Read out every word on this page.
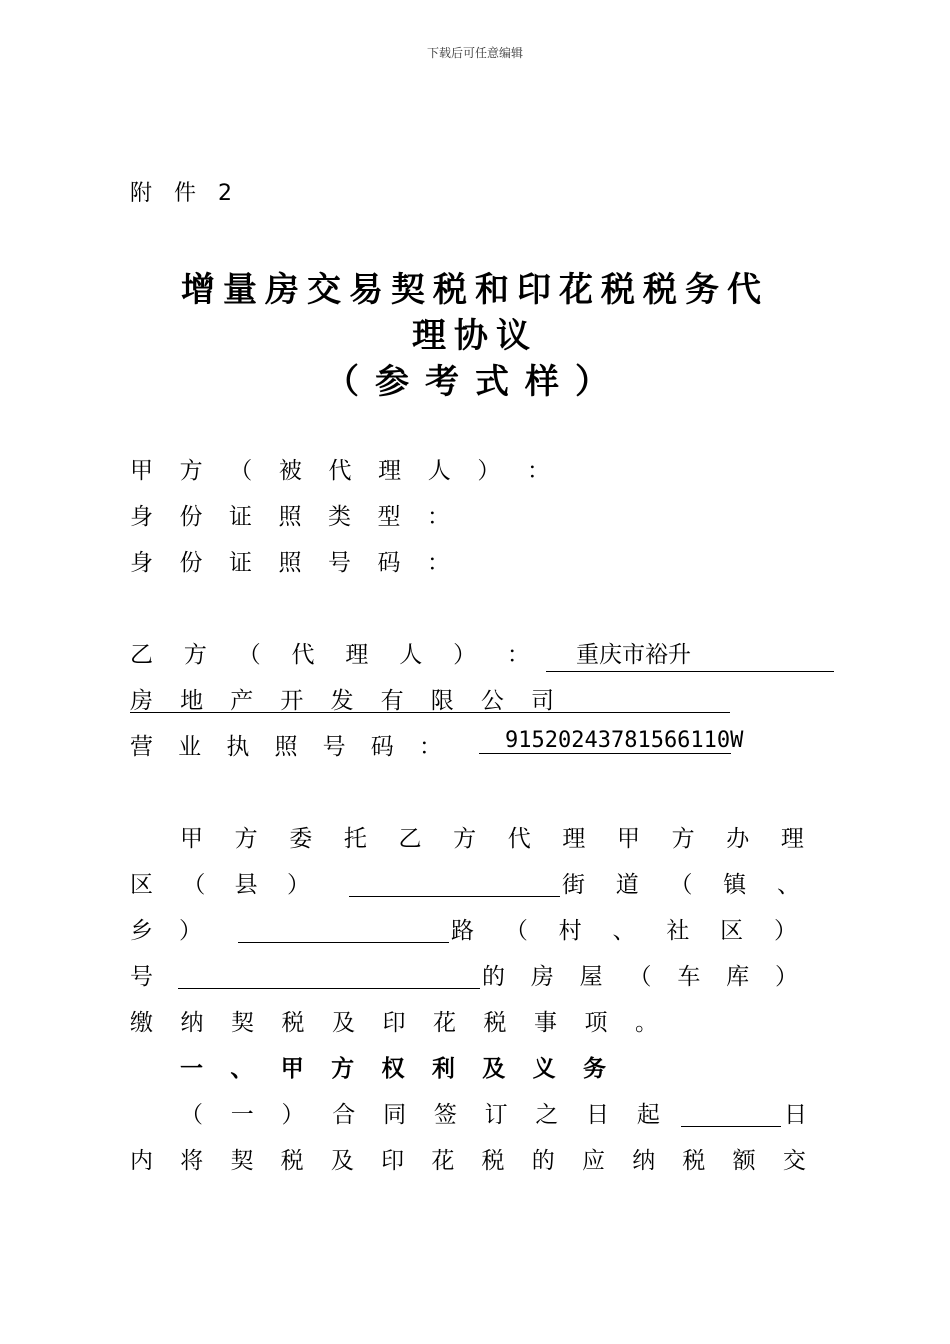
下载后可任意编辑
附件2
增量房交易契税和印花税税务代
理协议
（参考式样）
甲 方 （ 被 代 理 人 ） ：
身 份 证 照 类 型 ：
身 份 证 照 号 码 ：
乙 方 （ 代 理 人 ） ：	重庆市裕升
房 地 产 开 发 有 限 公 司
营 业 执 照 号 码 ：	91520243781566110W
甲 方 委 托 乙 方 代 理 甲 方 办 理
区 （ 县 ）	街 道 （ 镇 、
乡 ）	路 （ 村 、 社 区 ）
号	的 房 屋 （ 车 库 ）
缴 纳 契 税 及 印 花 税 事 项 。
一 、 甲 方 权 利 及 义 务
（ 一 ） 合 同 签 订 之 日 起	日
内 将 契 税 及 印 花 税 的 应 纳 税 额 交
